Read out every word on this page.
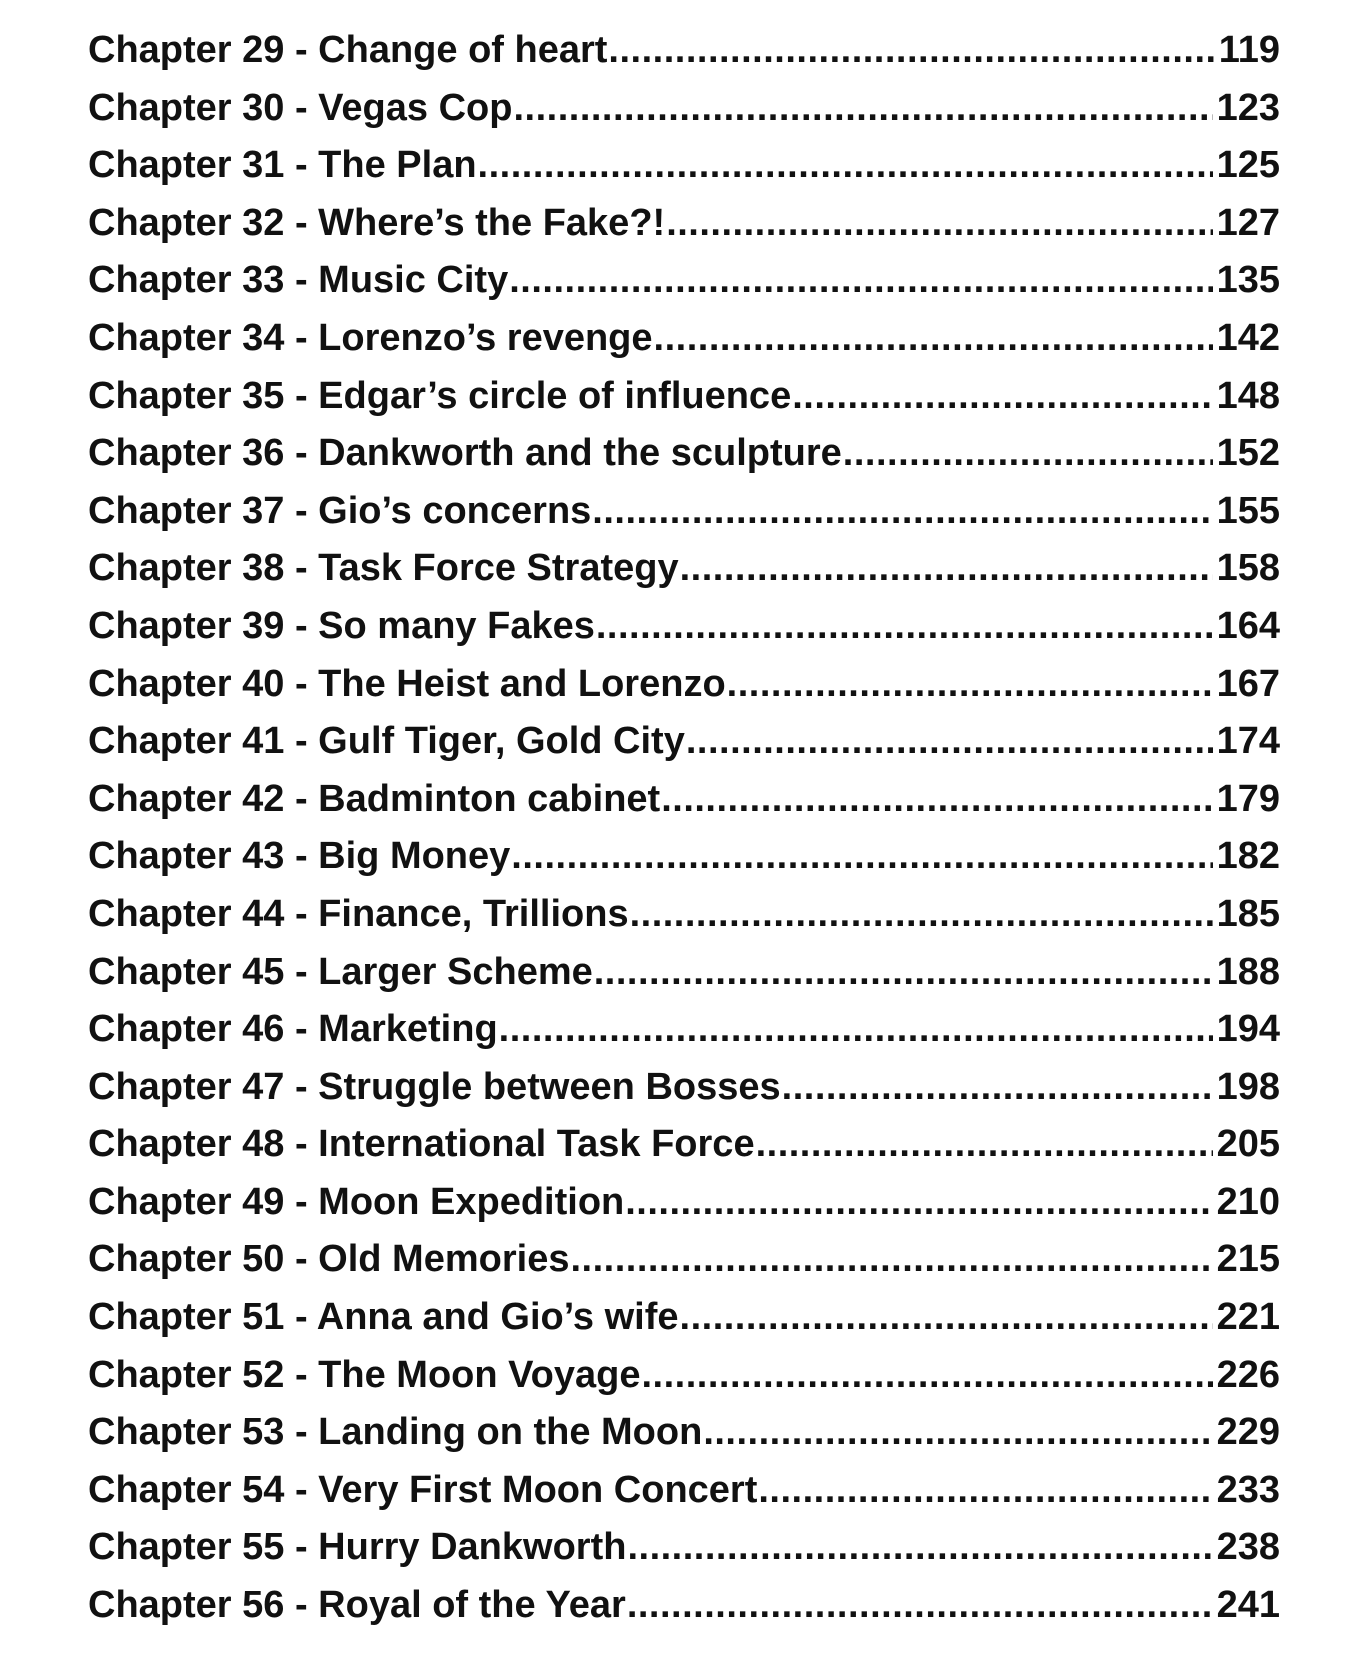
Chapter 29 - Change of heart .....	119
Chapter 30 - Vegas Cop .....	123
Chapter 31 - The Plan .....	125
Chapter 32 - Where’s the Fake?! .....	127
Chapter 33 - Music City .....	135
Chapter 34 - Lorenzo’s revenge .....	142
Chapter 35 - Edgar’s circle of influence .....	148
Chapter 36 - Dankworth and the sculpture .....	152
Chapter 37 - Gio’s concerns .....	155
Chapter 38 - Task Force Strategy .....	158
Chapter 39 - So many Fakes .....	164
Chapter 40 - The Heist and Lorenzo .....	167
Chapter 41 - Gulf Tiger, Gold City .....	174
Chapter 42 - Badminton cabinet .....	179
Chapter 43 - Big Money .....	182
Chapter 44 - Finance, Trillions .....	185
Chapter 45 - Larger Scheme .....	188
Chapter 46 - Marketing .....	194
Chapter 47 - Struggle between Bosses .....	198
Chapter 48 - International Task Force .....	205
Chapter 49 - Moon Expedition .....	210
Chapter 50 - Old Memories .....	215
Chapter 51 - Anna and Gio’s wife .....	221
Chapter 52 - The Moon Voyage .....	226
Chapter 53 - Landing on the Moon .....	229
Chapter 54 - Very First Moon Concert .....	233
Chapter 55 - Hurry Dankworth .....	238
Chapter 56 - Royal of the Year .....	241
